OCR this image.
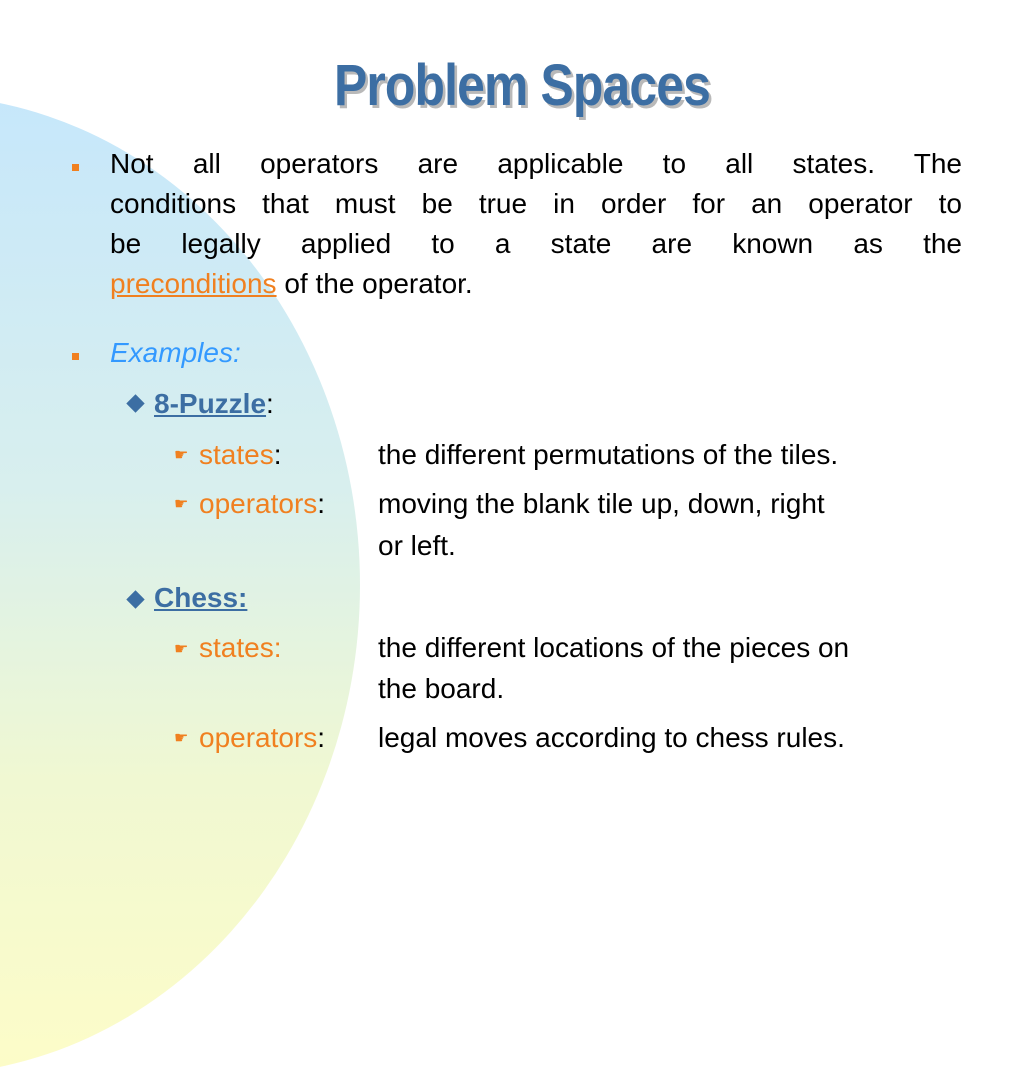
Problem Spaces
Not all operators are applicable to all states. The
conditions that must be true in order for an operator to
be legally applied to a state are known as the
preconditions of the operator.
Examples:
8-Puzzle:
☛ states:	the different permutations of the tiles.
☛ operators: moving the blank tile up, down, right
or left.
Chess:
☛ states:	the different locations of the pieces on
the board.
☛ operators: legal moves according to chess rules.
